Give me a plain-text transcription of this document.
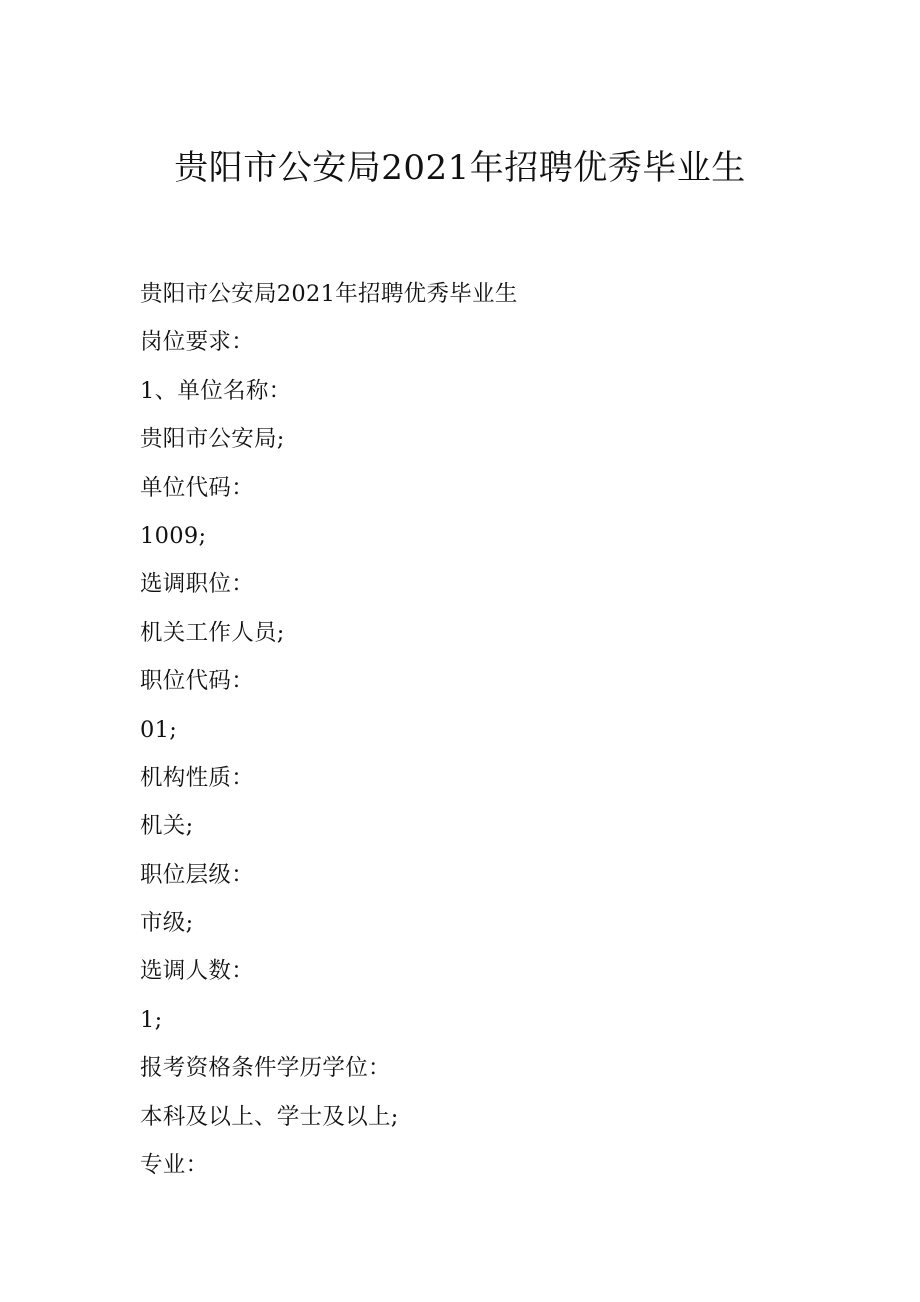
贵阳市公安局2021年招聘优秀毕业生
贵阳市公安局2021年招聘优秀毕业生
岗位要求：
1、单位名称：
贵阳市公安局;
单位代码：
1009;
选调职位：
机关工作人员;
职位代码：
01;
机构性质：
机关;
职位层级：
市级;
选调人数：
1;
报考资格条件学历学位：
本科及以上、学士及以上;
专业：
